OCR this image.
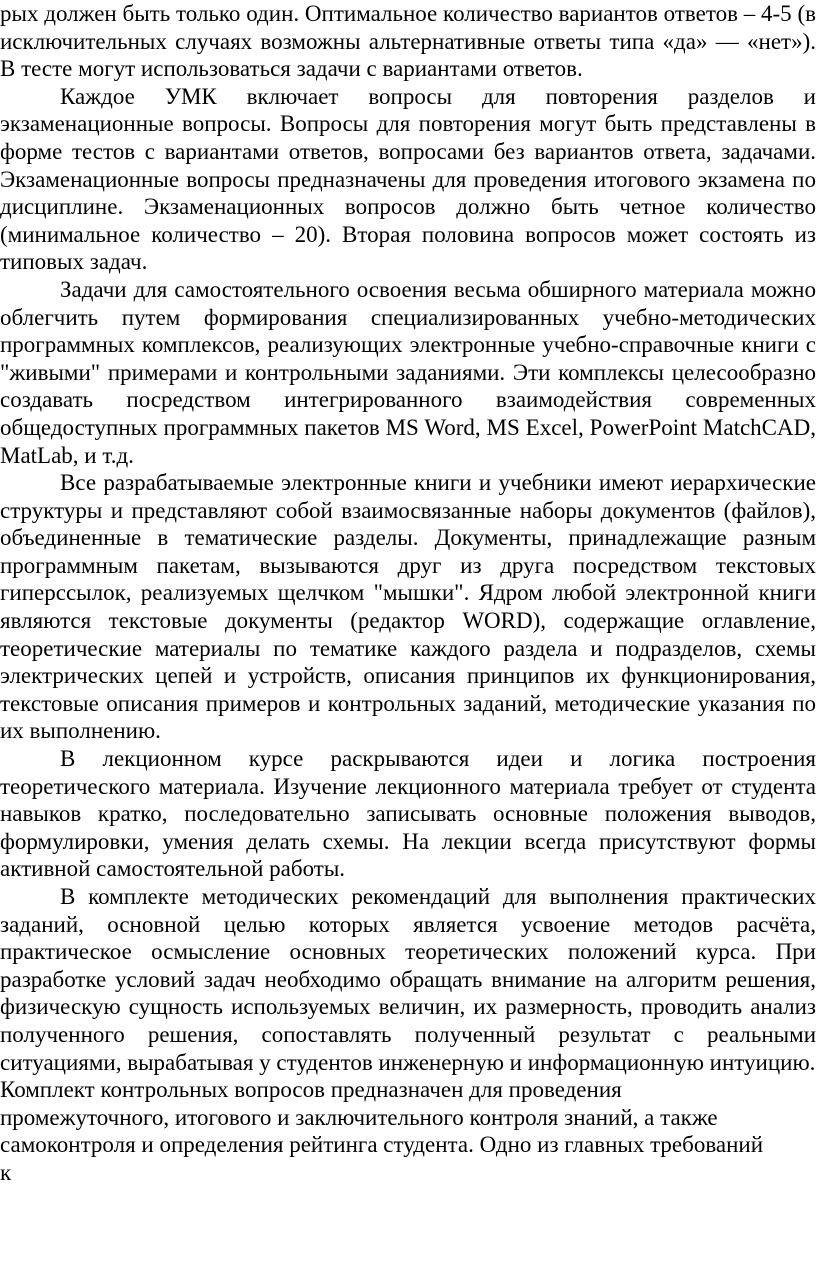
рых должен быть только один. Оптимальное количество вариантов ответов – 4-5 (в исключительных случаях возможны альтернативные ответы типа «да» — «нет»). В тесте могут использоваться задачи с вариантами ответов.

Каждое УМК включает вопросы для повторения разделов и экзаменационные вопросы. Вопросы для повторения могут быть представлены в форме тестов с вариантами ответов, вопросами без вариантов ответа, задачами. Экзаменационные вопросы предназначены для проведения итогового экзамена по дисциплине. Экзаменационных вопросов должно быть четное количество (минимальное количество – 20). Вторая половина вопросов может состоять из типовых задач.

Задачи для самостоятельного освоения весьма обширного материала можно облегчить путем формирования специализированных учебно-методических программных комплексов, реализующих электронные учебно-справочные книги с "живыми" примерами и контрольными заданиями. Эти комплексы целесообразно создавать посредством интегрированного взаимодействия современных общедоступных программных пакетов MS Word, MS Excel, PowerPoint MatchCAD, MatLab, и т.д.

Все разрабатываемые электронные книги и учебники имеют иерархические структуры и представляют собой взаимосвязанные наборы документов (файлов), объединенные в тематические разделы. Документы, принадлежащие разным программным пакетам, вызываются друг из друга посредством текстовых гиперссылок, реализуемых щелчком "мышки". Ядром любой электронной книги являются текстовые документы (редактор WORD), содержащие оглавление, теоретические материалы по тематике каждого раздела и подразделов, схемы электрических цепей и устройств, описания принципов их функционирования, текстовые описания примеров и контрольных заданий, методические указания по их выполнению.

В лекционном курсе раскрываются идеи и логика построения теоретического материала. Изучение лекционного материала требует от студента навыков кратко, последовательно записывать основные положения выводов, формулировки, умения делать схемы. На лекции всегда присутствуют формы активной самостоятельной работы.

В комплекте методических рекомендаций для выполнения практических заданий, основной целью которых является усвоение методов расчёта, практическое осмысление основных теоретических положений курса. При разработке условий задач необходимо обращать внимание на алгоритм решения, физическую сущность используемых величин, их размерность, проводить анализ полученного решения, сопоставлять полученный результат с реальными ситуациями, вырабатывая у студентов инженерную и информационную интуицию.

Комплект контрольных вопросов предназначен для проведения

промежуточного, итогового и заключительного контроля знаний, а также

самоконтроля и определения рейтинга студента. Одно из главных требований

к
